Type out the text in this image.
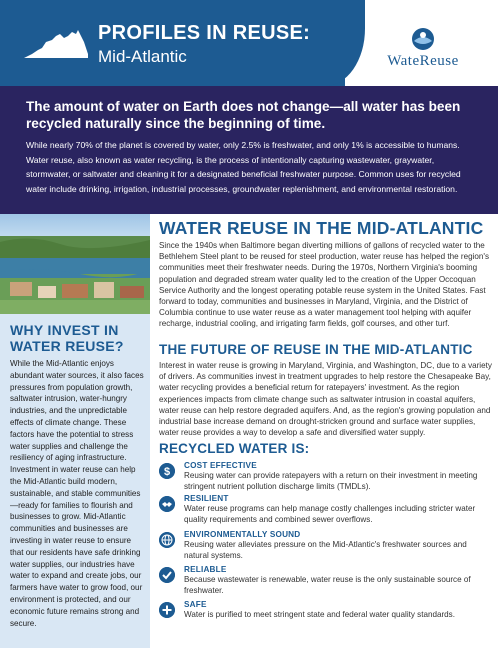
PROFILES IN REUSE:
Mid-Atlantic	WateReuse
The amount of water on Earth does not change—all water has been recycled naturally since the beginning of time.
While nearly 70% of the planet is covered by water, only 2.5% is freshwater, and only 1% is accessible to humans. Water reuse, also known as water recycling, is the process of intentionally capturing wastewater, graywater, stormwater, or saltwater and cleaning it for a designated beneficial freshwater purpose. Common uses for recycled water include drinking, irrigation, industrial processes, groundwater replenishment, and environmental restoration.
WHY INVEST IN WATER REUSE?
While the Mid-Atlantic enjoys abundant water sources, it also faces pressures from population growth, saltwater intrusion, water-hungry industries, and the unpredictable effects of climate change. These factors have the potential to stress water supplies and challenge the resiliency of aging infrastructure. Investment in water reuse can help the Mid-Atlantic build modern, sustainable, and stable communities—ready for families to flourish and businesses to grow. Mid-Atlantic communities and businesses are investing in water reuse to ensure that our residents have safe drinking water supplies, our industries have water to expand and create jobs, our farmers have water to grow food, our environment is protected, and our economic future remains strong and secure.
WATER REUSE IN THE MID-ATLANTIC
Since the 1940s when Baltimore began diverting millions of gallons of recycled water to the Bethlehem Steel plant to be reused for steel production, water reuse has helped the region's communities meet their freshwater needs. During the 1970s, Northern Virginia's booming population and degraded stream water quality led to the creation of the Upper Occoquan Service Authority and the longest operating potable reuse system in the United States. Fast forward to today, communities and businesses in Maryland, Virginia, and the District of Columbia continue to use water reuse as a water management tool helping with aquifer recharge, industrial cooling, and irrigating farm fields, golf courses, and other turf.
THE FUTURE OF REUSE IN THE MID-ATLANTIC
Interest in water reuse is growing in Maryland, Virginia, and Washington, DC, due to a variety of drivers. As communities invest in treatment upgrades to help restore the Chesapeake Bay, water recycling provides a beneficial return for ratepayers' investment. As the region experiences impacts from climate change such as saltwater intrusion in coastal aquifers, water reuse can help restore degraded aquifers. And, as the region's growing population and industrial base increase demand on drought-stricken ground and surface water supplies, water reuse provides a way to develop a safe and diversified water supply.
RECYCLED WATER IS:
$
COST EFFECTIVE
Reusing water can provide ratepayers with a return on their investment in meeting stringent nutrient pollution discharge limits (TMDLs).
RESILIENT
Water reuse programs can help manage costly challenges including stricter water quality requirements and combined sewer overflows.
ENVIRONMENTALLY SOUND
Reusing water alleviates pressure on the Mid-Atlantic's freshwater sources and natural systems.
RELIABLE
Because wastewater is renewable, water reuse is the only sustainable source of freshwater.
SAFE
Water is purified to meet stringent state and federal water quality standards.
